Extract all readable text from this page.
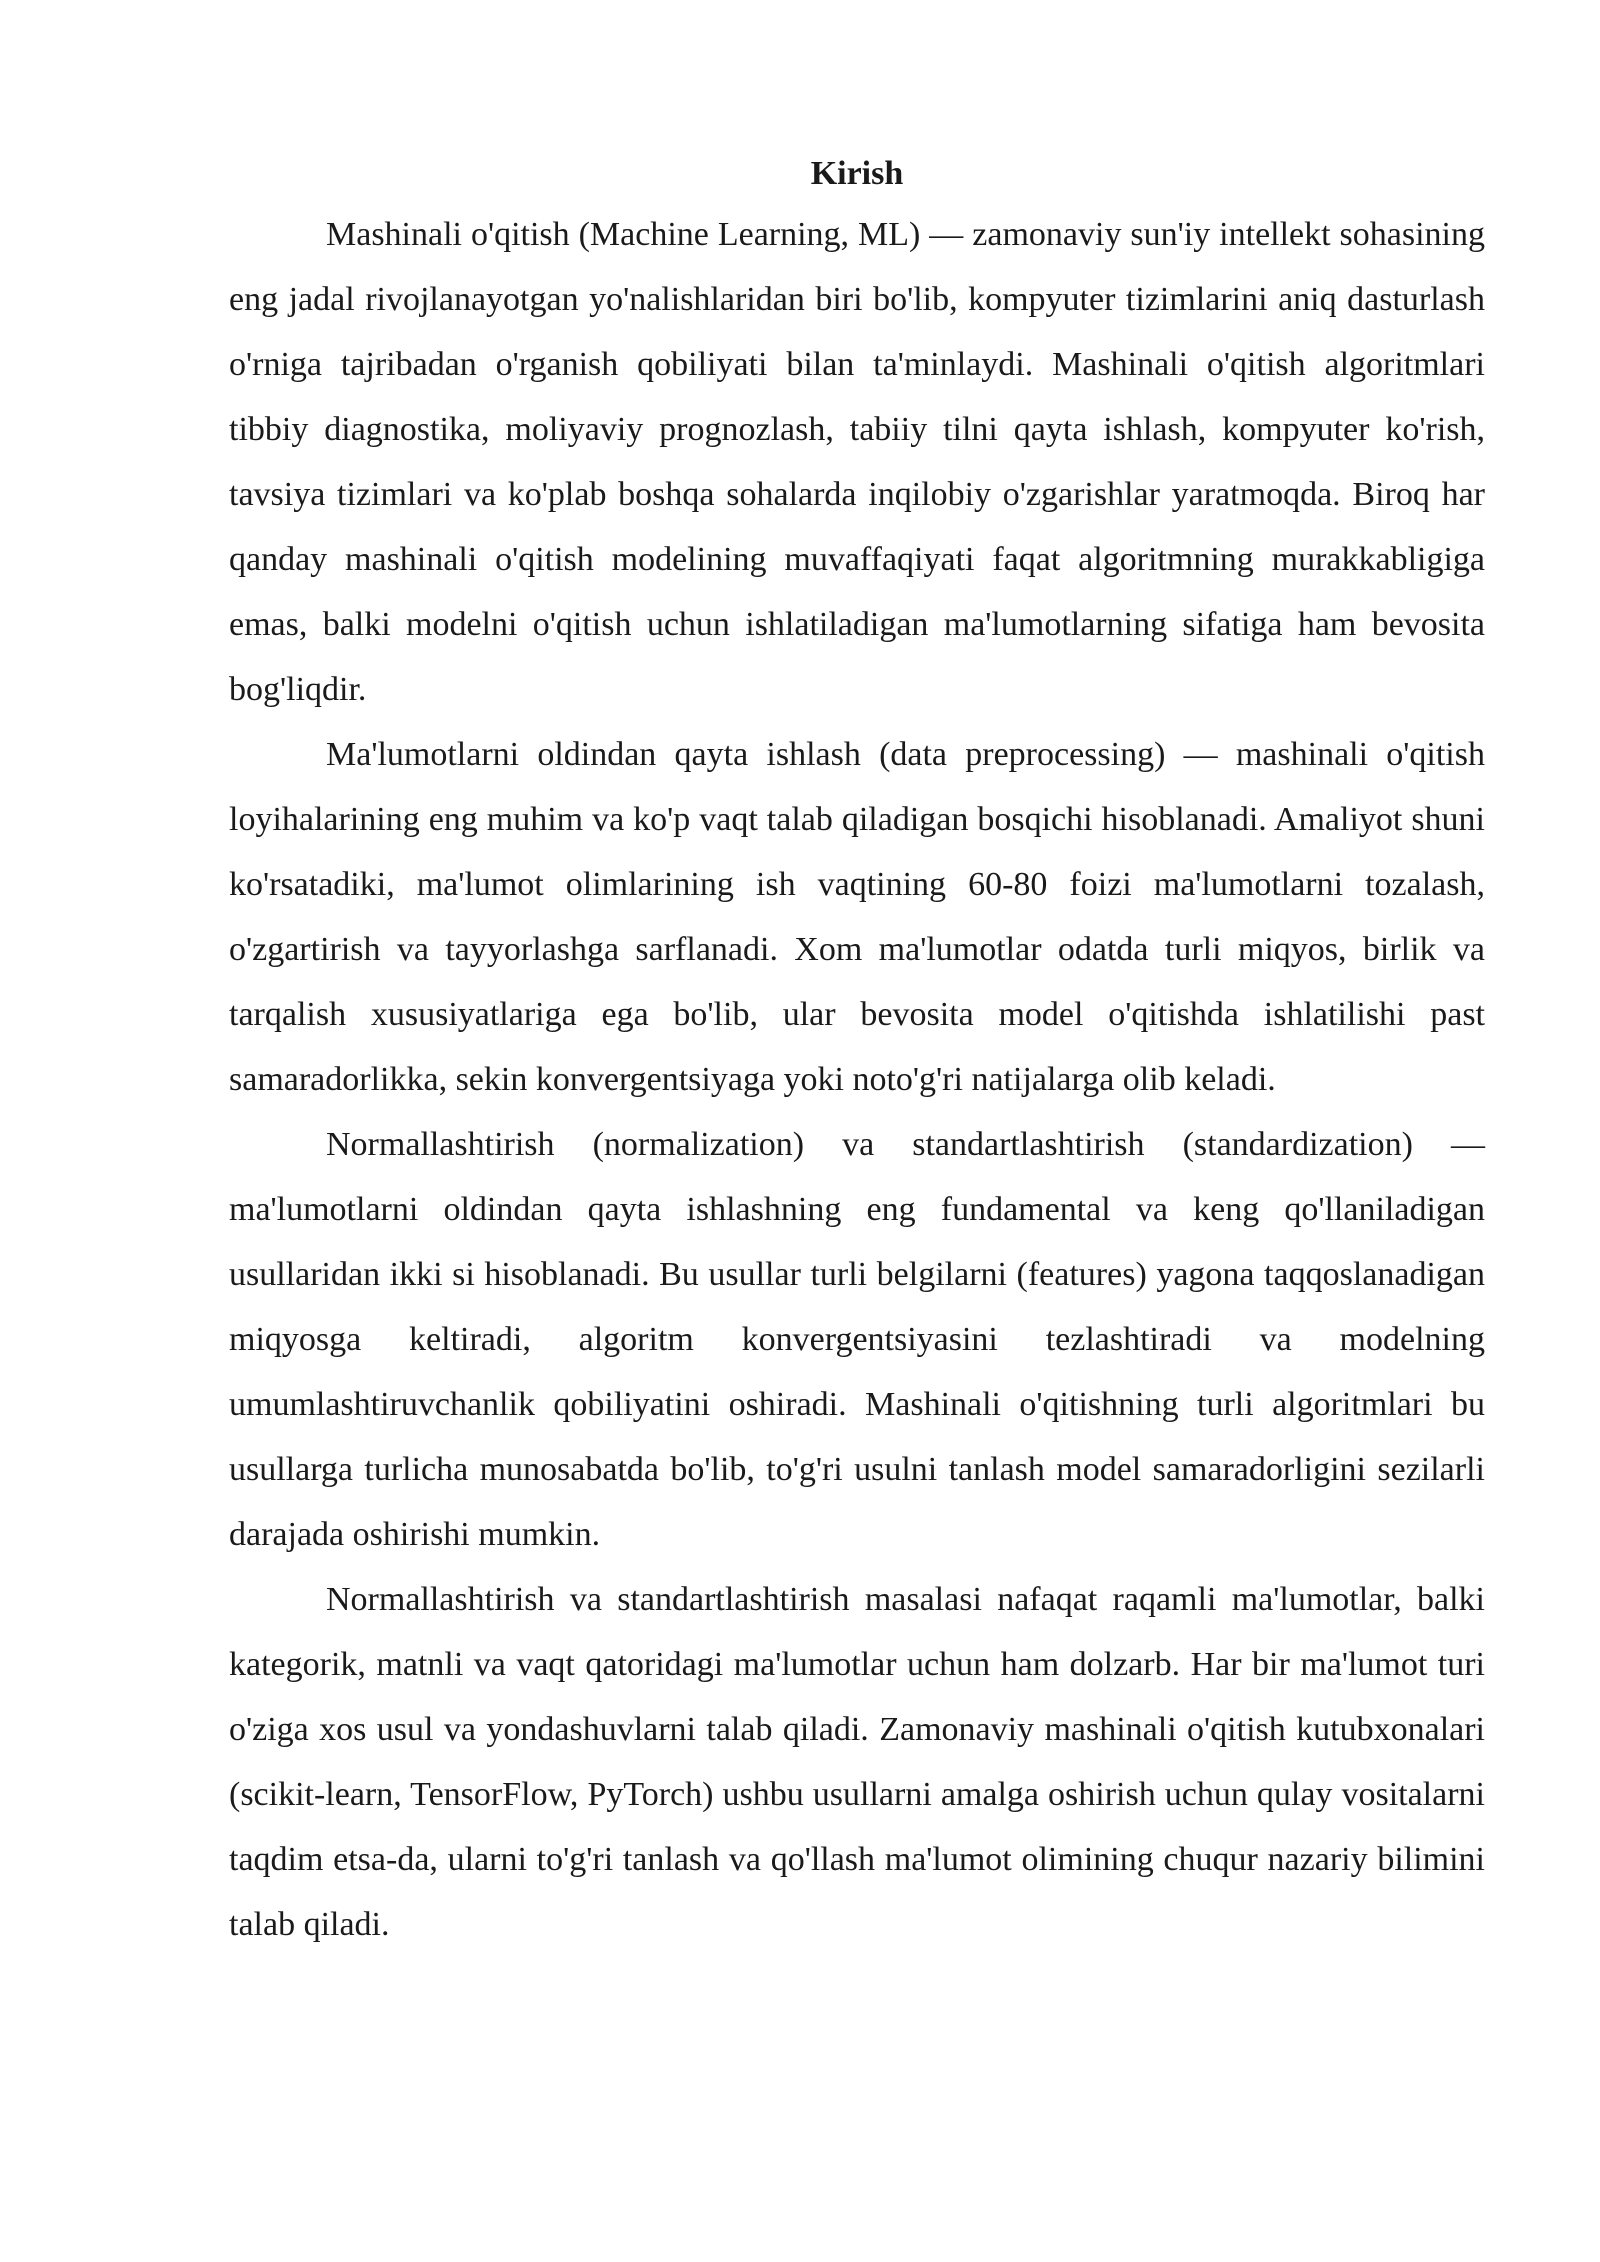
Kirish

Mashinali o'qitish (Machine Learning, ML) — zamonaviy sun'iy intellekt sohasining eng jadal rivojlanayotgan yo'nalishlaridan biri bo'lib, kompyuter tizimlarini aniq dasturlash o'rniga tajribadan o'rganish qobiliyati bilan ta'minlaydi. Mashinali o'qitish algoritmlari tibbiy diagnostika, moliyaviy prognozlash, tabiiy tilni qayta ishlash, kompyuter ko'rish, tavsiya tizimlari va ko'plab boshqa sohalarda inqilobiy o'zgarishlar yaratmoqda. Biroq har qanday mashinali o'qitish modelining muvaffaqiyati faqat algoritmning murakkabligiga emas, balki modelni o'qitish uchun ishlatiladigan ma'lumotlarning sifatiga ham bevosita bog'liqdir.

Ma'lumotlarni oldindan qayta ishlash (data preprocessing) — mashinali o'qitish loyihalarining eng muhim va ko'p vaqt talab qiladigan bosqichi hisoblanadi. Amaliyot shuni ko'rsatadiki, ma'lumot olimlarining ish vaqtining 60-80 foizi ma'lumotlarni tozalash, o'zgartirish va tayyorlashga sarflanadi. Xom ma'lumotlar odatda turli miqyos, birlik va tarqalish xususiyatlariga ega bo'lib, ular bevosita model o'qitishda ishlatilishi past samaradorlikka, sekin konvergentsiyaga yoki noto'g'ri natijalarga olib keladi.

Normallashtirish (normalization) va standartlashtirish (standardization) — ma'lumotlarni oldindan qayta ishlashning eng fundamental va keng qo'llaniladigan usullaridan ikki si hisoblanadi. Bu usullar turli belgilarni (features) yagona taqqoslanadigan miqyosga keltiradi, algoritm konvergentsiyasini tezlashtiradi va modelning umumlashtiruvchanlik qobiliyatini oshiradi. Mashinali o'qitishning turli algoritmlari bu usullarga turlicha munosabatda bo'lib, to'g'ri usulni tanlash model samaradorligini sezilarli darajada oshirishi mumkin.

Normallashtirish va standartlashtirish masalasi nafaqat raqamli ma'lumotlar, balki kategorik, matnli va vaqt qatoridagi ma'lumotlar uchun ham dolzarb. Har bir ma'lumot turi o'ziga xos usul va yondashuvlarni talab qiladi. Zamonaviy mashinali o'qitish kutubxonalari (scikit-learn, TensorFlow, PyTorch) ushbu usullarni amalga oshirish uchun qulay vositalarni taqdim etsa-da, ularni to'g'ri tanlash va qo'llash ma'lumot olimining chuqur nazariy bilimini talab qiladi.
